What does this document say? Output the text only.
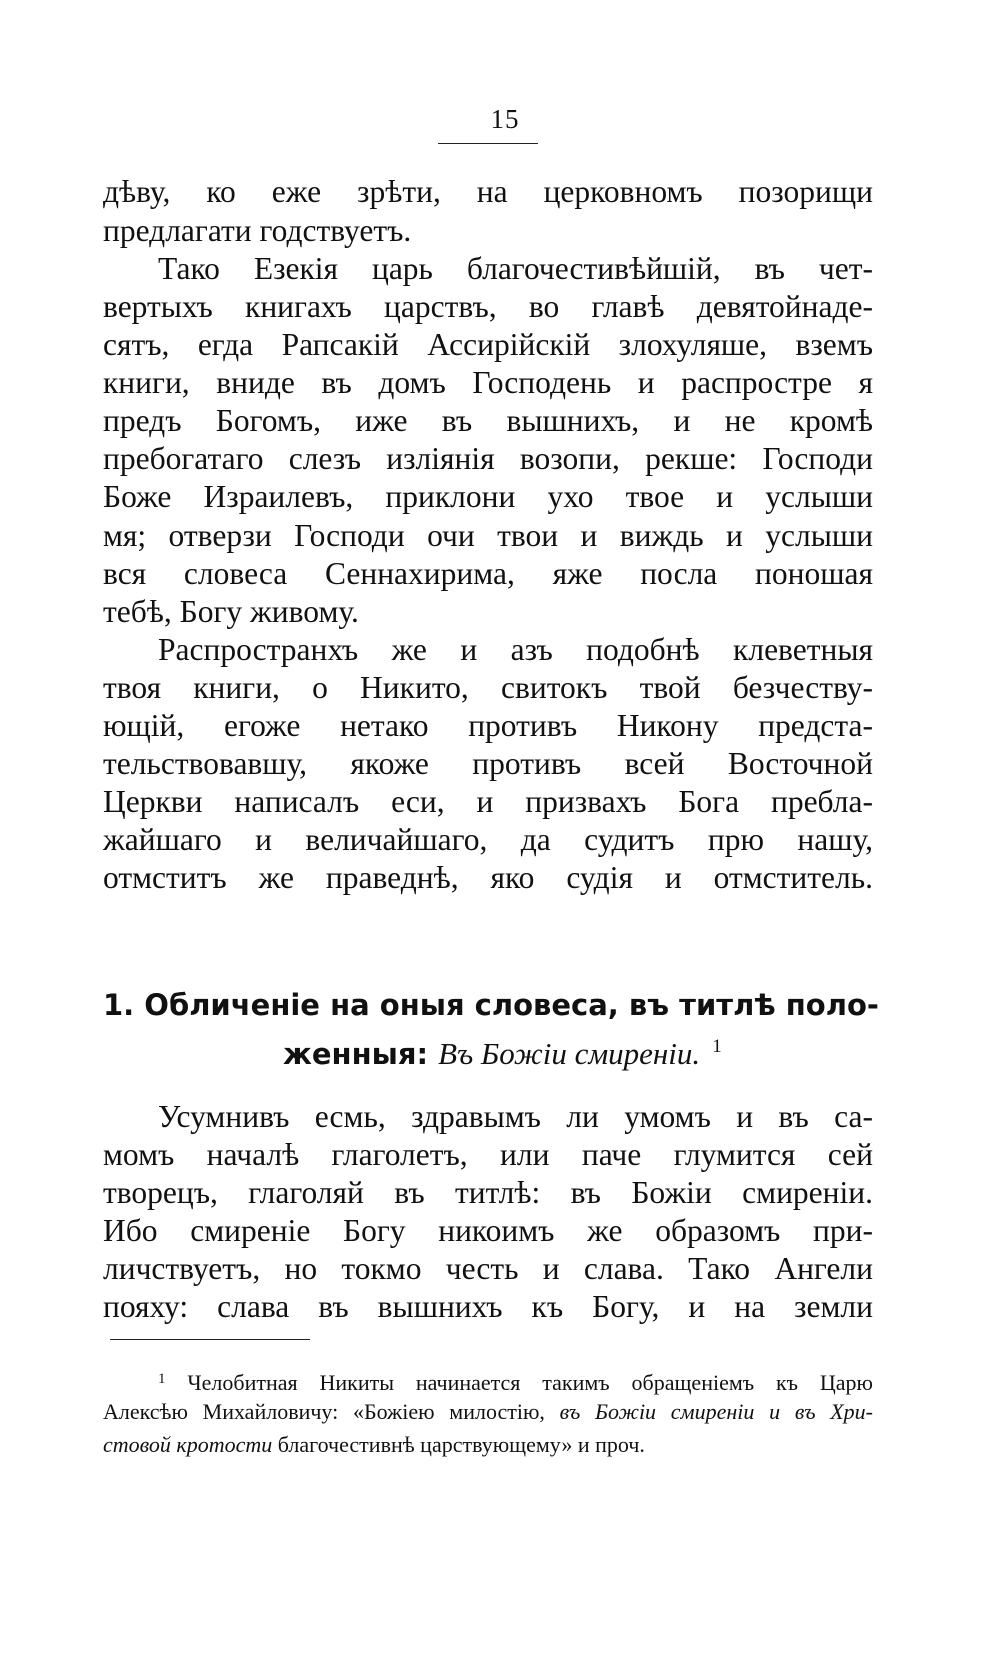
15
дѣву, ко еже зрѣти, на церковномъ позорищи
предлагати годствуетъ.
Тако Езекія царь благочестивѣйшій, въ чет-
вертыхъ книгахъ царствъ, во главѣ девятойнаде-
сятъ, егда Рапсакій Ассирійскій злохуляше, вземъ
книги, вниде въ домъ Господень и распростре я
предъ Богомъ, иже въ вышнихъ, и не кромѣ
пребогатаго слезъ изліянія возопи, рекше: Господи
Боже Израилевъ, приклони ухо твое и услыши
мя; отверзи Господи очи твои и виждь и услыши
вся словеса Сеннахирима, яже посла поношая
тебѣ, Богу живому.
Распространхъ же и азъ подобнѣ клеветныя
твоя книги, о Никито, свитокъ твой безчеству-
ющій, егоже нетако противъ Никону предста-
тельствовавшу, якоже противъ всей Восточной
Церкви написалъ еси, и призвахъ Бога пребла-
жайшаго и величайшаго, да судитъ прю нашу,
отмститъ же праведнѣ, яко судія и отмститель.
1. Обличеніе на оныя словеса, въ титлѣ поло-
женныя: Въ Божіи смиреніи. $^1$
Усумнивъ есмь, здравымъ ли умомъ и въ са-
момъ началѣ глаголетъ, или паче глумится сей
творецъ, глаголяй въ титлѣ: въ Божіи смиреніи.
Ибо смиреніе Богу никоимъ же образомъ при-
личствуетъ, но токмо честь и слава. Тако Ангели
пояху: слава въ вышнихъ къ Богу, и на земли
$^1$ Челобитная Никиты начинается такимъ обращеніемъ къ Царю
Алексѣю Михайловичу: «Божіею милостію, въ Божіи смиреніи и въ Хри-
стовой кротости благочестивнѣ царствующему» и проч.
